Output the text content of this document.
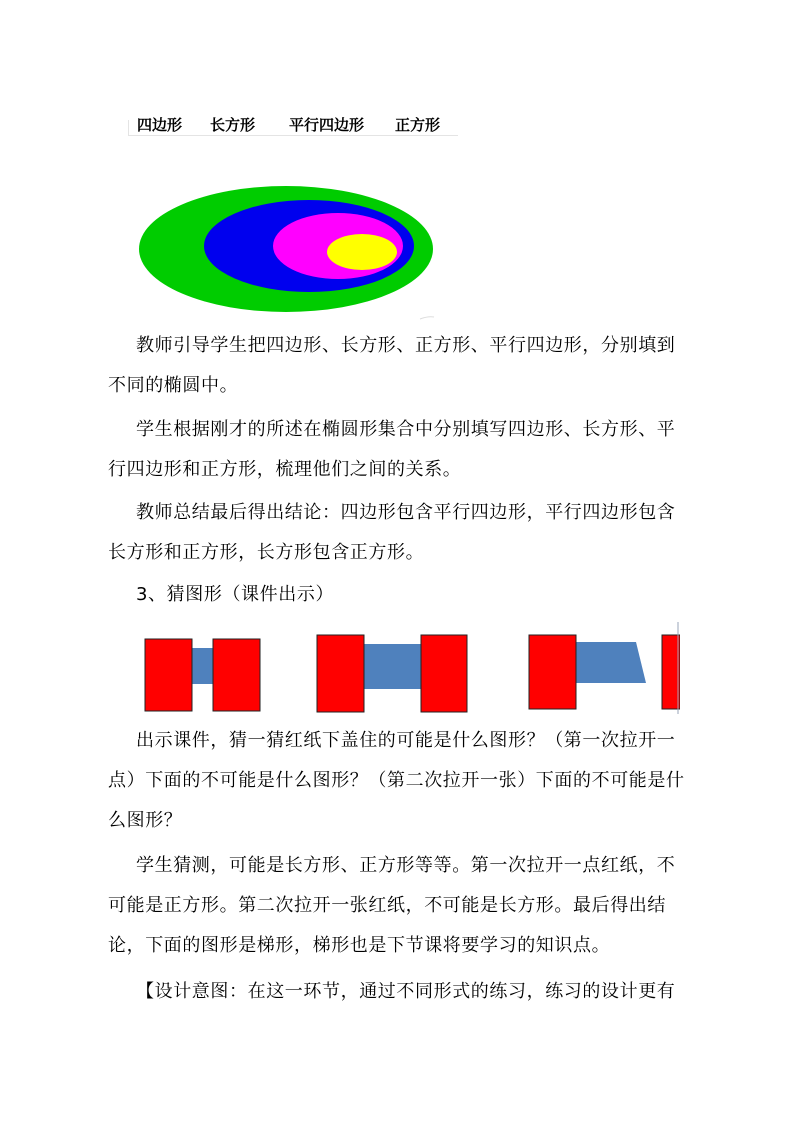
四边形 长方形 平行四边形 正方形
教师引导学生把四边形、长方形、正方形、平行四边形，分别填到
不同的椭圆中。
学生根据刚才的所述在椭圆形集合中分别填写四边形、长方形、平
行四边形和正方形，梳理他们之间的关系。
教师总结最后得出结论：四边形包含平行四边形，平行四边形包含
长方形和正方形，长方形包含正方形。
3、猜图形（课件出示）
出示课件，猜一猜红纸下盖住的可能是什么图形？（第一次拉开一
点）下面的不可能是什么图形？（第二次拉开一张）下面的不可能是什
么图形？
学生猜测，可能是长方形、正方形等等。第一次拉开一点红纸，不
可能是正方形。第二次拉开一张红纸，不可能是长方形。最后得出结
论，下面的图形是梯形，梯形也是下节课将要学习的知识点。
【设计意图：在这一环节，通过不同形式的练习，练习的设计更有
